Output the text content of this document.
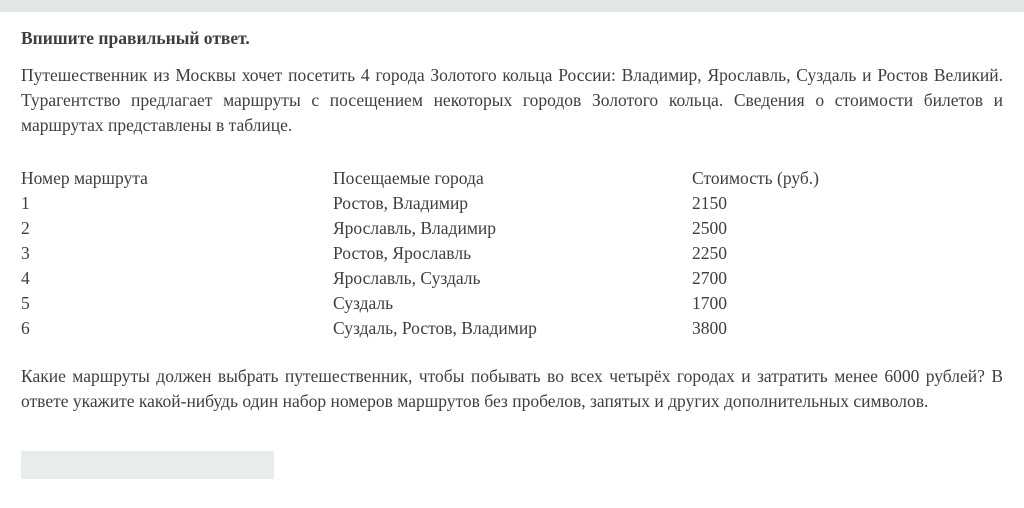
Впишите правильный ответ.

Путешественник из Москвы хочет посетить 4 города Золотого кольца России: Владимир, Ярославль, Суздаль и Ростов Великий. Турагентство предлагает маршруты с посещением некоторых городов Золотого кольца. Сведения о стоимости билетов и маршрутах представлены в таблице.

Номер маршрута	Посещаемые города	Стоимость (руб.)
1	Ростов, Владимир	2150
2	Ярославль, Владимир	2500
3	Ростов, Ярославль	2250
4	Ярославль, Суздаль	2700
5	Суздаль	1700
6	Суздаль, Ростов, Владимир	3800

Какие маршруты должен выбрать путешественник, чтобы побывать во всех четырёх городах и затратить менее 6000 рублей? В ответе укажите какой-нибудь один набор номеров маршрутов без пробелов, запятых и других дополнительных символов.
